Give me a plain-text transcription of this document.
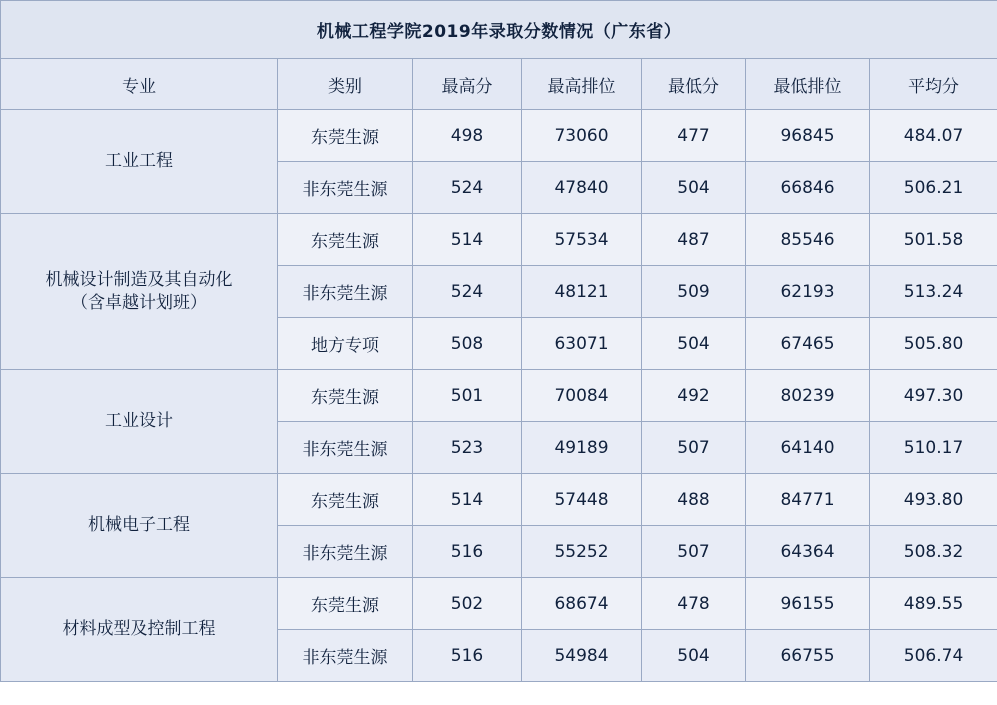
机械工程学院2019年录取分数情况（广东省）						
专业	类别	最高分	最高排位	最低分	最低排位	平均分
工业工程	东莞生源	498	73060	477	96845	484.07
	非东莞生源	524	47840	504	66846	506.21

机械设计制造及其自动化
（含卓越计划班）	东莞生源	514	57534	487	85546	501.58
	非东莞生源	524	48121	509	62193	513.24
	地方专项	508	63071	504	67465	505.80
工业设计	东莞生源	501	70084	492	80239	497.30
	非东莞生源	523	49189	507	64140	510.17
机械电子工程	东莞生源	514	57448	488	84771	493.80
	非东莞生源	516	55252	507	64364	508.32
材料成型及控制工程	东莞生源	502	68674	478	96155	489.55
	非东莞生源	516	54984	504	66755	506.74
